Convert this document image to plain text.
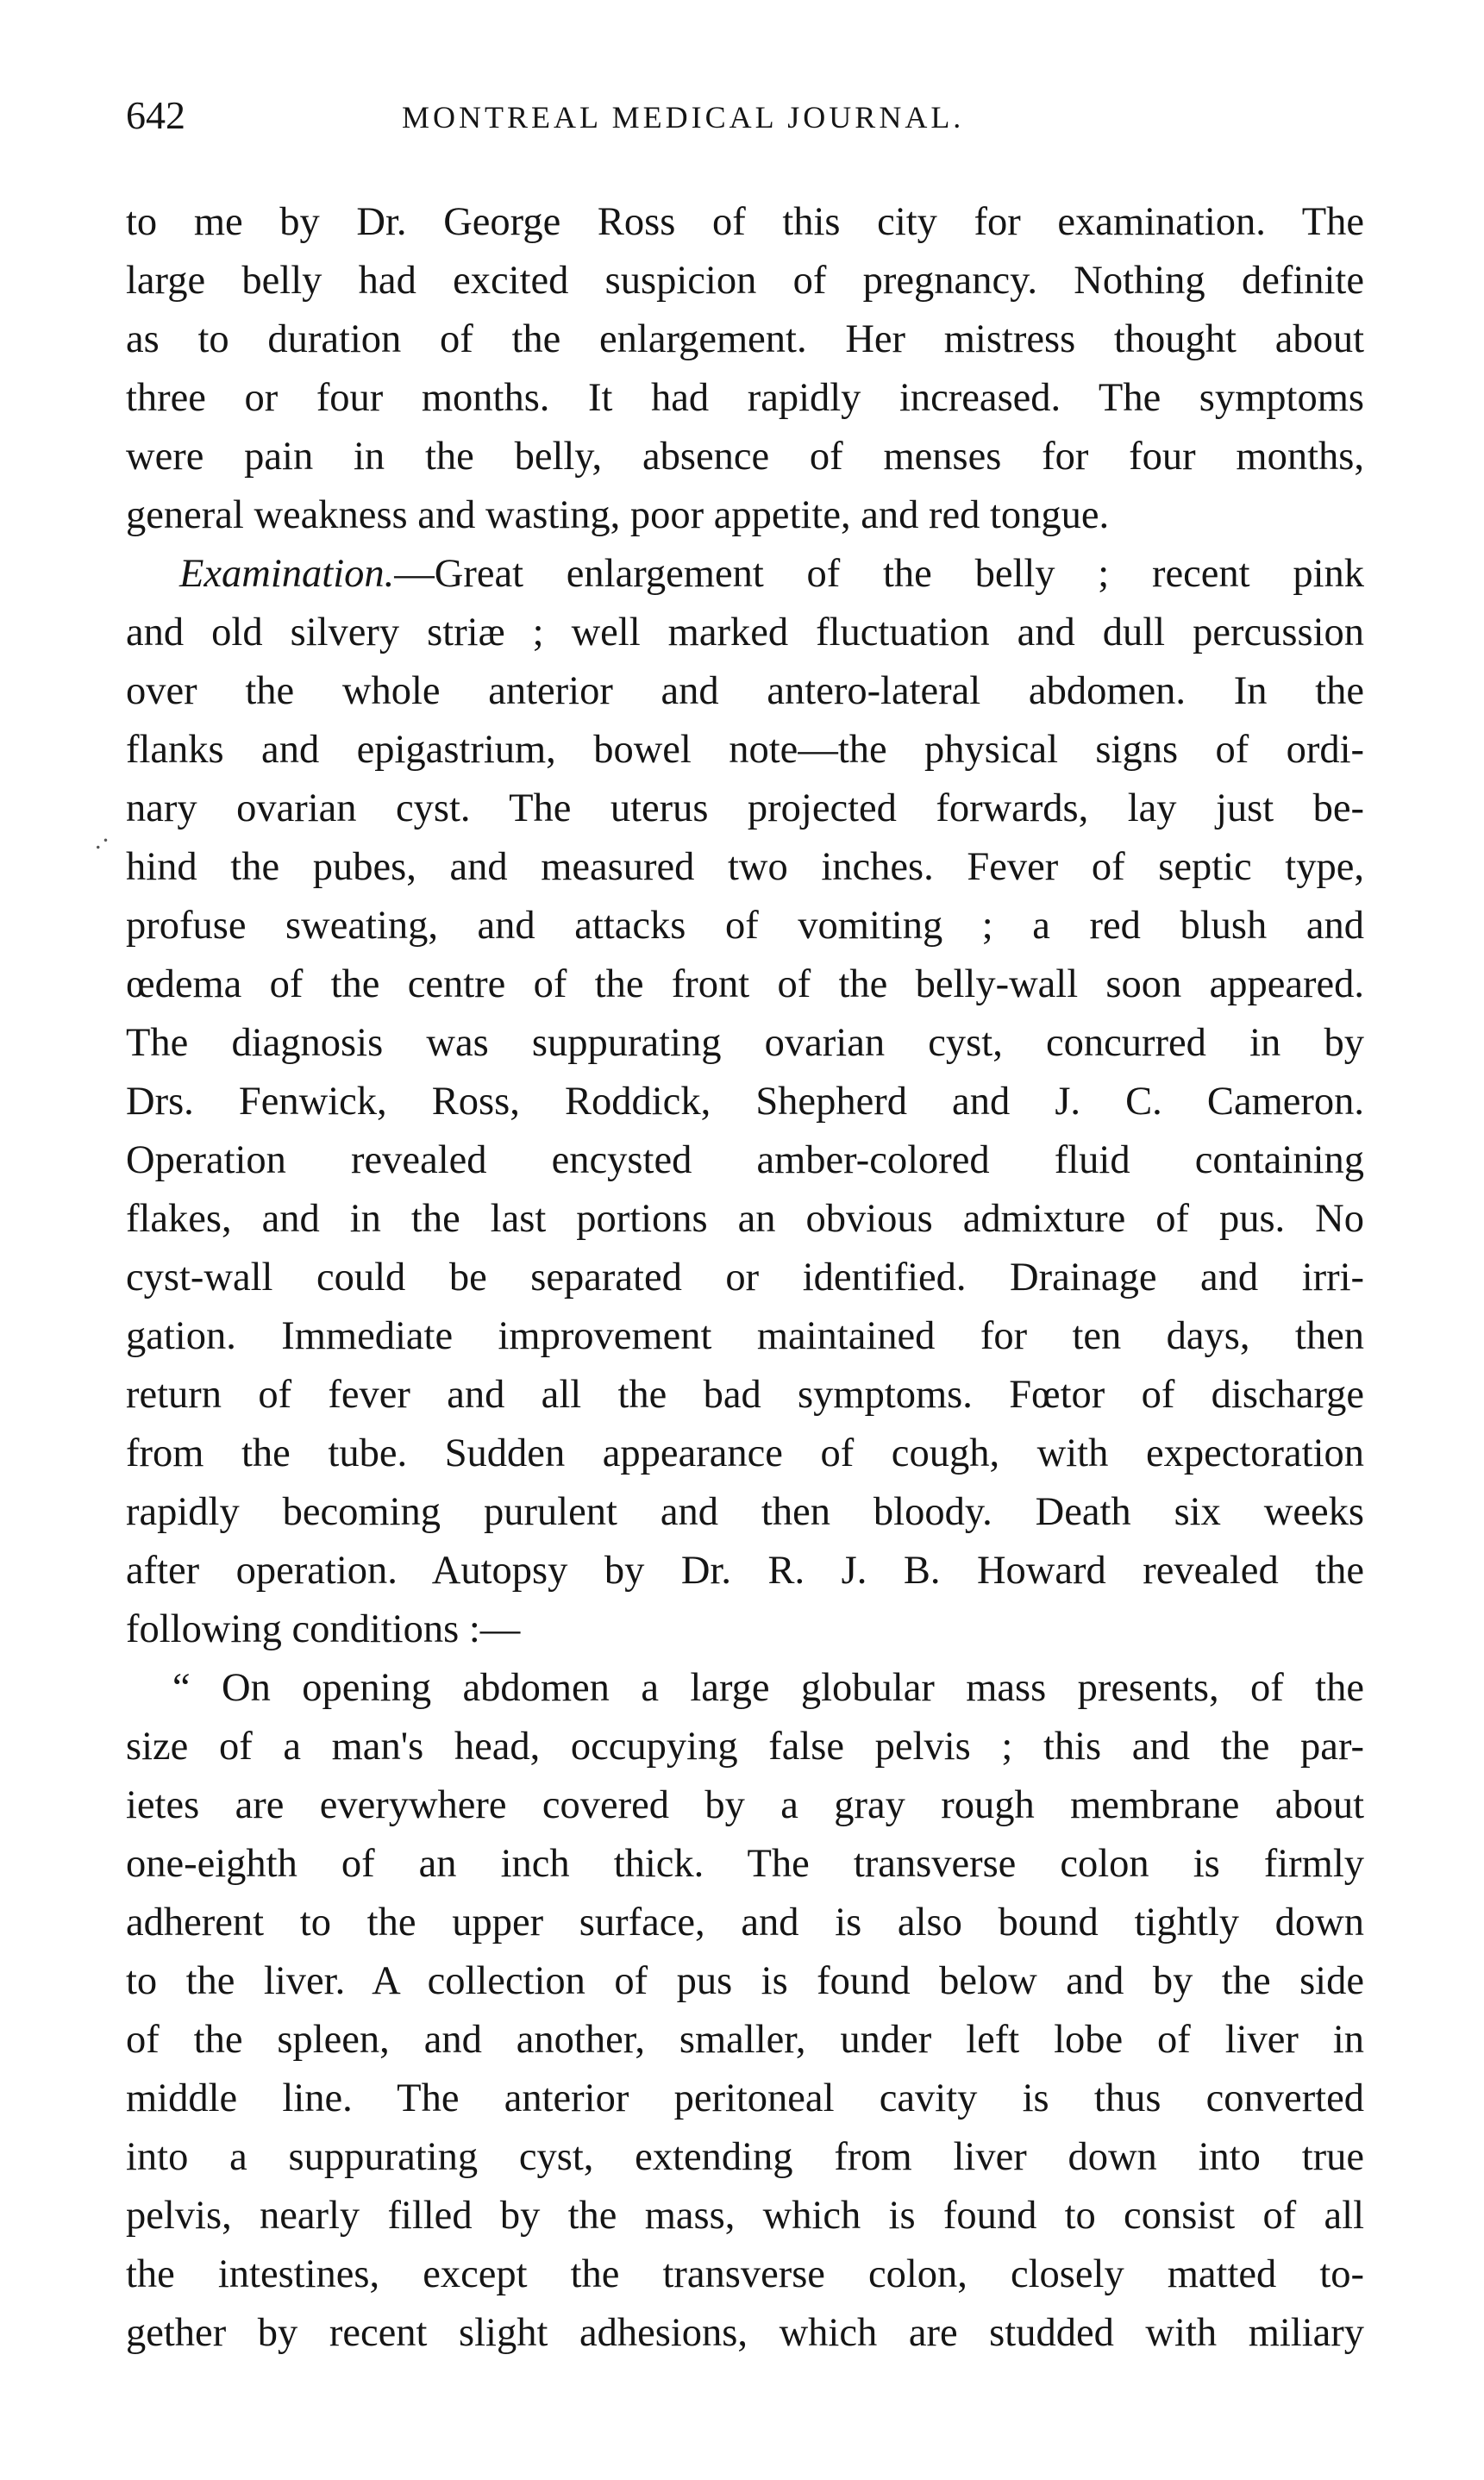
642	MONTREAL MEDICAL JOURNAL.
.·
to me by Dr. George Ross of this city for examination. The
large belly had excited suspicion of pregnancy. Nothing definite
as to duration of the enlargement. Her mistress thought about
three or four months. It had rapidly increased. The symptoms
were pain in the belly, absence of menses for four months,
general weakness and wasting, poor appetite, and red tongue.
Examination.—Great enlargement of the belly ; recent pink
and old silvery striæ ; well marked fluctuation and dull percussion
over the whole anterior and antero-lateral abdomen. In the
flanks and epigastrium, bowel note—the physical signs of ordi-
nary ovarian cyst. The uterus projected forwards, lay just be-
hind the pubes, and measured two inches. Fever of septic type,
profuse sweating, and attacks of vomiting ; a red blush and
œdema of the centre of the front of the belly-wall soon appeared.
The diagnosis was suppurating ovarian cyst, concurred in by
Drs. Fenwick, Ross, Roddick, Shepherd and J. C. Cameron.
Operation revealed encysted amber-colored fluid containing
flakes, and in the last portions an obvious admixture of pus. No
cyst-wall could be separated or identified. Drainage and irri-
gation. Immediate improvement maintained for ten days, then
return of fever and all the bad symptoms. Fœtor of discharge
from the tube. Sudden appearance of cough, with expectoration
rapidly becoming purulent and then bloody. Death six weeks
after operation. Autopsy by Dr. R. J. B. Howard revealed the
following conditions :—
“ On opening abdomen a large globular mass presents, of the
size of a man's head, occupying false pelvis ; this and the par-
ietes are everywhere covered by a gray rough membrane about
one-eighth of an inch thick. The transverse colon is firmly
adherent to the upper surface, and is also bound tightly down
to the liver. A collection of pus is found below and by the side
of the spleen, and another, smaller, under left lobe of liver in
middle line. The anterior peritoneal cavity is thus converted
into a suppurating cyst, extending from liver down into true
pelvis, nearly filled by the mass, which is found to consist of all
the intestines, except the transverse colon, closely matted to-
gether by recent slight adhesions, which are studded with miliary
